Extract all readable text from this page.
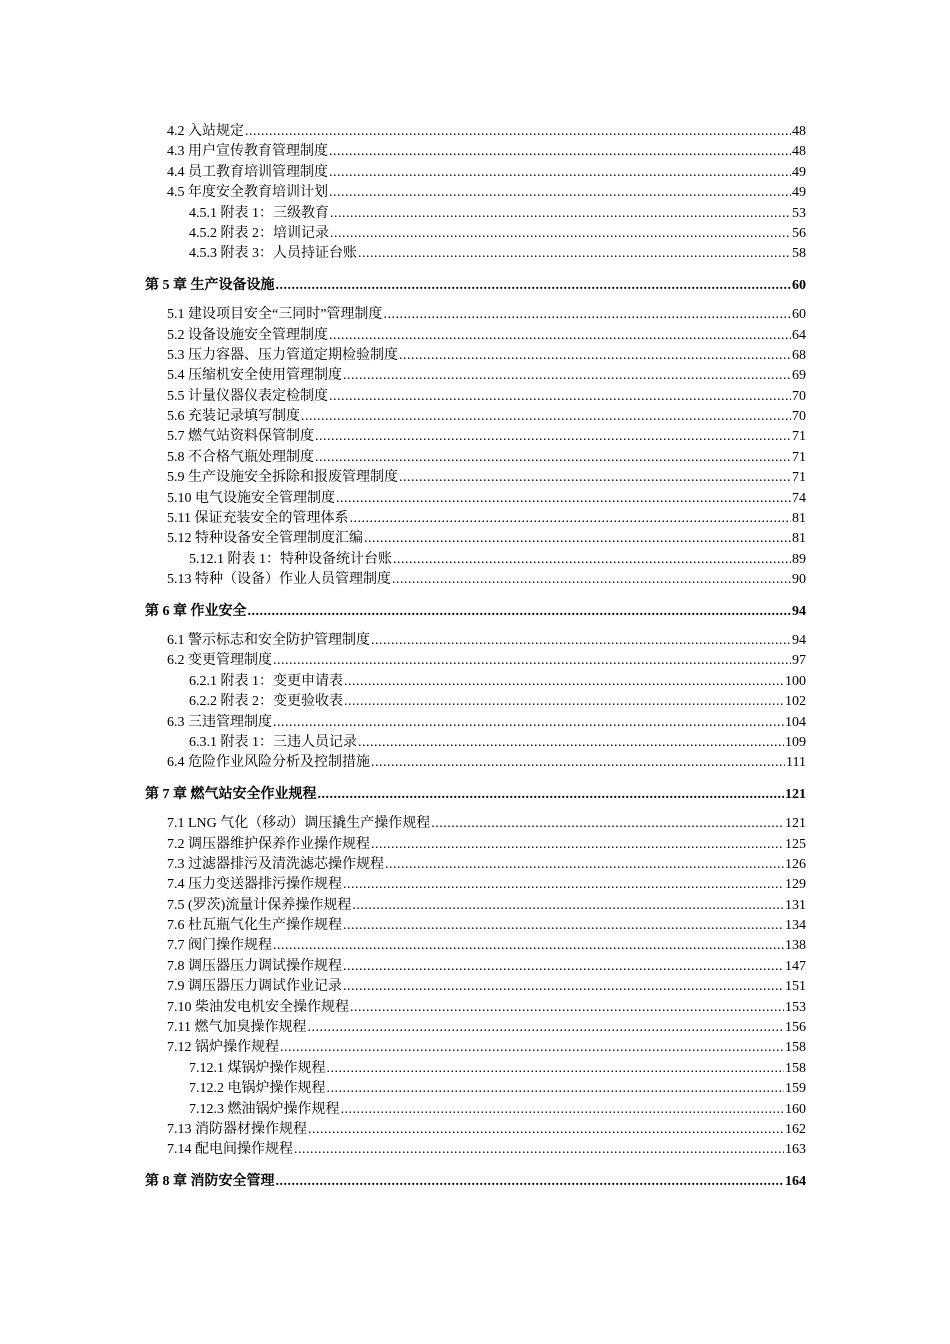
4.2 入站规定 .....	48
4.3 用户宣传教育管理制度 .....	48
4.4 员工教育培训管理制度 .....	49
4.5 年度安全教育培训计划 .....	49
4.5.1 附表 1：三级教育 .....	53
4.5.2 附表 2：培训记录 .....	56
4.5.3 附表 3：人员持证台账 .....	58
第 5 章 生产设备设施 .....	60
5.1 建设项目安全“三同时”管理制度 .....	60
5.2 设备设施安全管理制度 .....	64
5.3 压力容器、压力管道定期检验制度 .....	68
5.4 压缩机安全使用管理制度 .....	69
5.5 计量仪器仪表定检制度 .....	70
5.6 充装记录填写制度 .....	70
5.7 燃气站资料保管制度 .....	71
5.8 不合格气瓶处理制度 .....	71
5.9 生产设施安全拆除和报废管理制度 .....	71
5.10 电气设施安全管理制度 .....	74
5.11 保证充装安全的管理体系 .....	81
5.12 特种设备安全管理制度汇编 .....	81
5.12.1 附表 1：特种设备统计台账 .....	89
5.13 特种（设备）作业人员管理制度 .....	90
第 6 章 作业安全 .....	94
6.1 警示标志和安全防护管理制度 .....	94
6.2 变更管理制度 .....	97
6.2.1 附表 1：变更申请表 .....	100
6.2.2 附表 2：变更验收表 .....	102
6.3 三违管理制度 .....	104
6.3.1 附表 1：三违人员记录 .....	109
6.4 危险作业风险分析及控制措施 .....	111
第 7 章 燃气站安全作业规程 .....	121
7.1 LNG 气化（移动）调压撬生产操作规程 .....	121
7.2 调压器维护保养作业操作规程 .....	125
7.3 过滤器排污及清洗滤芯操作规程 .....	126
7.4 压力变送器排污操作规程 .....	129
7.5 (罗茨)流量计保养操作规程 .....	131
7.6 杜瓦瓶气化生产操作规程 .....	134
7.7 阀门操作规程 .....	138
7.8 调压器压力调试操作规程 .....	147
7.9 调压器压力调试作业记录 .....	151
7.10 柴油发电机安全操作规程 .....	153
7.11 燃气加臭操作规程 .....	156
7.12 锅炉操作规程 .....	158
7.12.1 煤锅炉操作规程 .....	158
7.12.2 电锅炉操作规程 .....	159
7.12.3 燃油锅炉操作规程 .....	160
7.13 消防器材操作规程 .....	162
7.14 配电间操作规程 .....	163
第 8 章 消防安全管理 .....	164
